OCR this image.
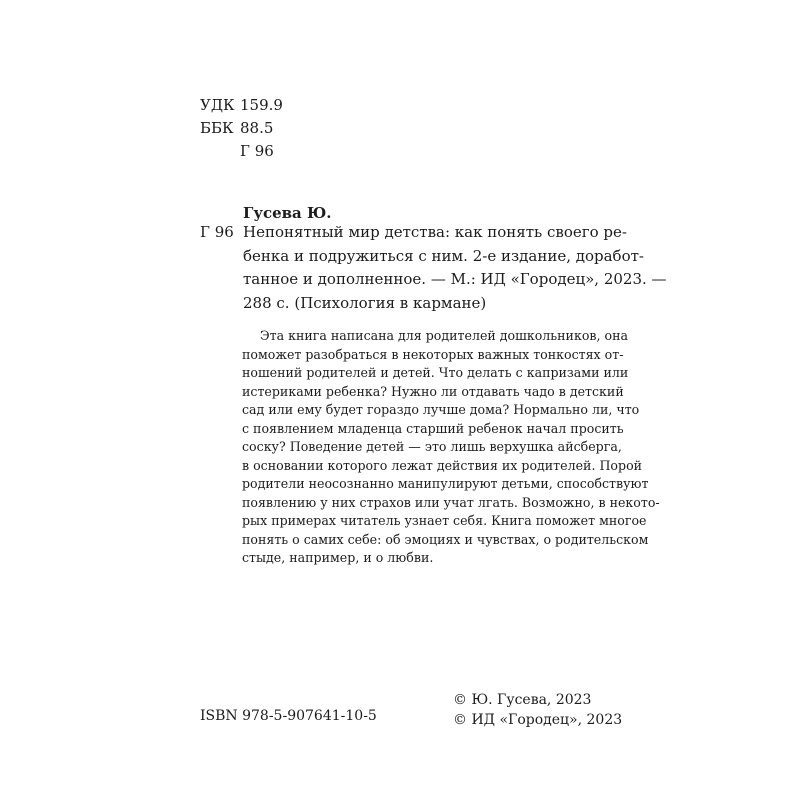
УДК 159.9
ББК 88.5
Г 96
Гусева Ю.
Г 96 Непонятный мир детства: как понять своего ре-
бенка и подружиться с ним. 2-е издание, доработ-
танное и дополненное. — М.: ИД «Городец», 2023. —
288 с. (Психология в кармане)
Эта книга написана для родителей дошкольников, она
поможет разобраться в некоторых важных тонкостях от-
ношений родителей и детей. Что делать с капризами или
истериками ребенка? Нужно ли отдавать чадо в детский
сад или ему будет гораздо лучше дома? Нормально ли, что
с появлением младенца старший ребенок начал просить
соску? Поведение детей — это лишь верхушка айсберга,
в основании которого лежат действия их родителей. Порой
родители неосознанно манипулируют детьми, способствуют
появлению у них страхов или учат лгать. Возможно, в некото-
рых примерах читатель узнает себя. Книга поможет многое
понять о самих себе: об эмоциях и чувствах, о родительском
стыде, например, и о любви.
ISBN 978-5-907641-10-5
© Ю. Гусева, 2023
© ИД «Городец», 2023
